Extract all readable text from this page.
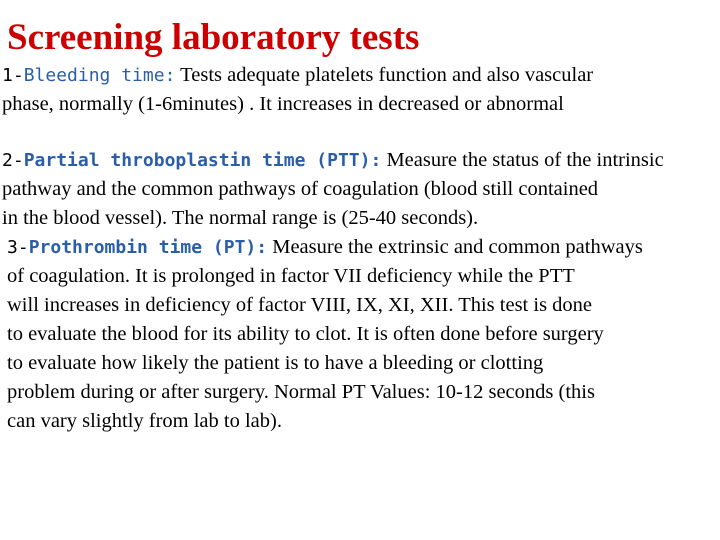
Screening laboratory tests
1-Bleeding time: Tests adequate platelets function and also vascular
phase, normally (1-6minutes) . It increases in decreased or abnormal
2-Partial throboplastin time (PTT): Measure the status of the intrinsic
pathway and the common pathways of coagulation (blood still contained
in the blood vessel). The normal range is (25-40 seconds).
3-Prothrombin time (PT): Measure the extrinsic and common pathways
of coagulation. It is prolonged in factor VII deficiency while the PTT
will increases in deficiency of factor VIII, IX, XI, XII. This test is done
to evaluate the blood for its ability to clot. It is often done before surgery
to evaluate how likely the patient is to have a bleeding or clotting
problem during or after surgery. Normal PT Values: 10-12 seconds (this
can vary slightly from lab to lab).
